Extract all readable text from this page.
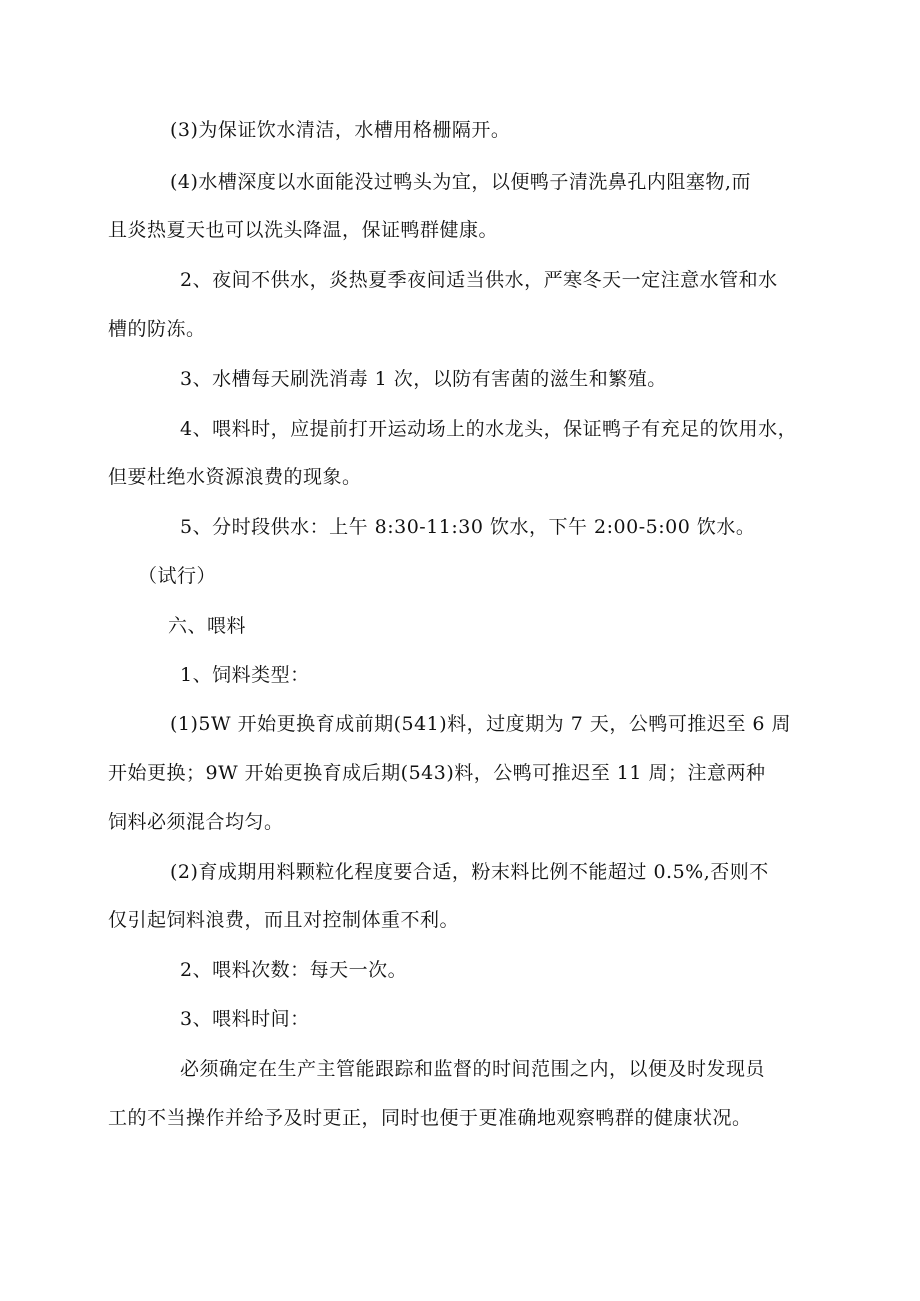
(3)为保证饮水清洁，水槽用格栅隔开。
(4)水槽深度以水面能没过鸭头为宜，以便鸭子清洗鼻孔内阻塞物,而
且炎热夏天也可以洗头降温，保证鸭群健康。
2、夜间不供水，炎热夏季夜间适当供水，严寒冬天一定注意水管和水
槽的防冻。
3、水槽每天刷洗消毒 1 次，以防有害菌的滋生和繁殖。
4、喂料时，应提前打开运动场上的水龙头，保证鸭子有充足的饮用水，
但要杜绝水资源浪费的现象。
5、分时段供水：上午 8:30-11:30 饮水，下午 2:00-5:00 饮水。
（试行）
六、喂料
1、饲料类型：
(1)5W 开始更换育成前期(541)料，过度期为 7 天，公鸭可推迟至 6 周
开始更换；9W 开始更换育成后期(543)料，公鸭可推迟至 11 周；注意两种
饲料必须混合均匀。
(2)育成期用料颗粒化程度要合适，粉末料比例不能超过 0.5%,否则不
仅引起饲料浪费，而且对控制体重不利。
2、喂料次数：每天一次。
3、喂料时间：
必须确定在生产主管能跟踪和监督的时间范围之内，以便及时发现员
工的不当操作并给予及时更正，同时也便于更准确地观察鸭群的健康状况。
